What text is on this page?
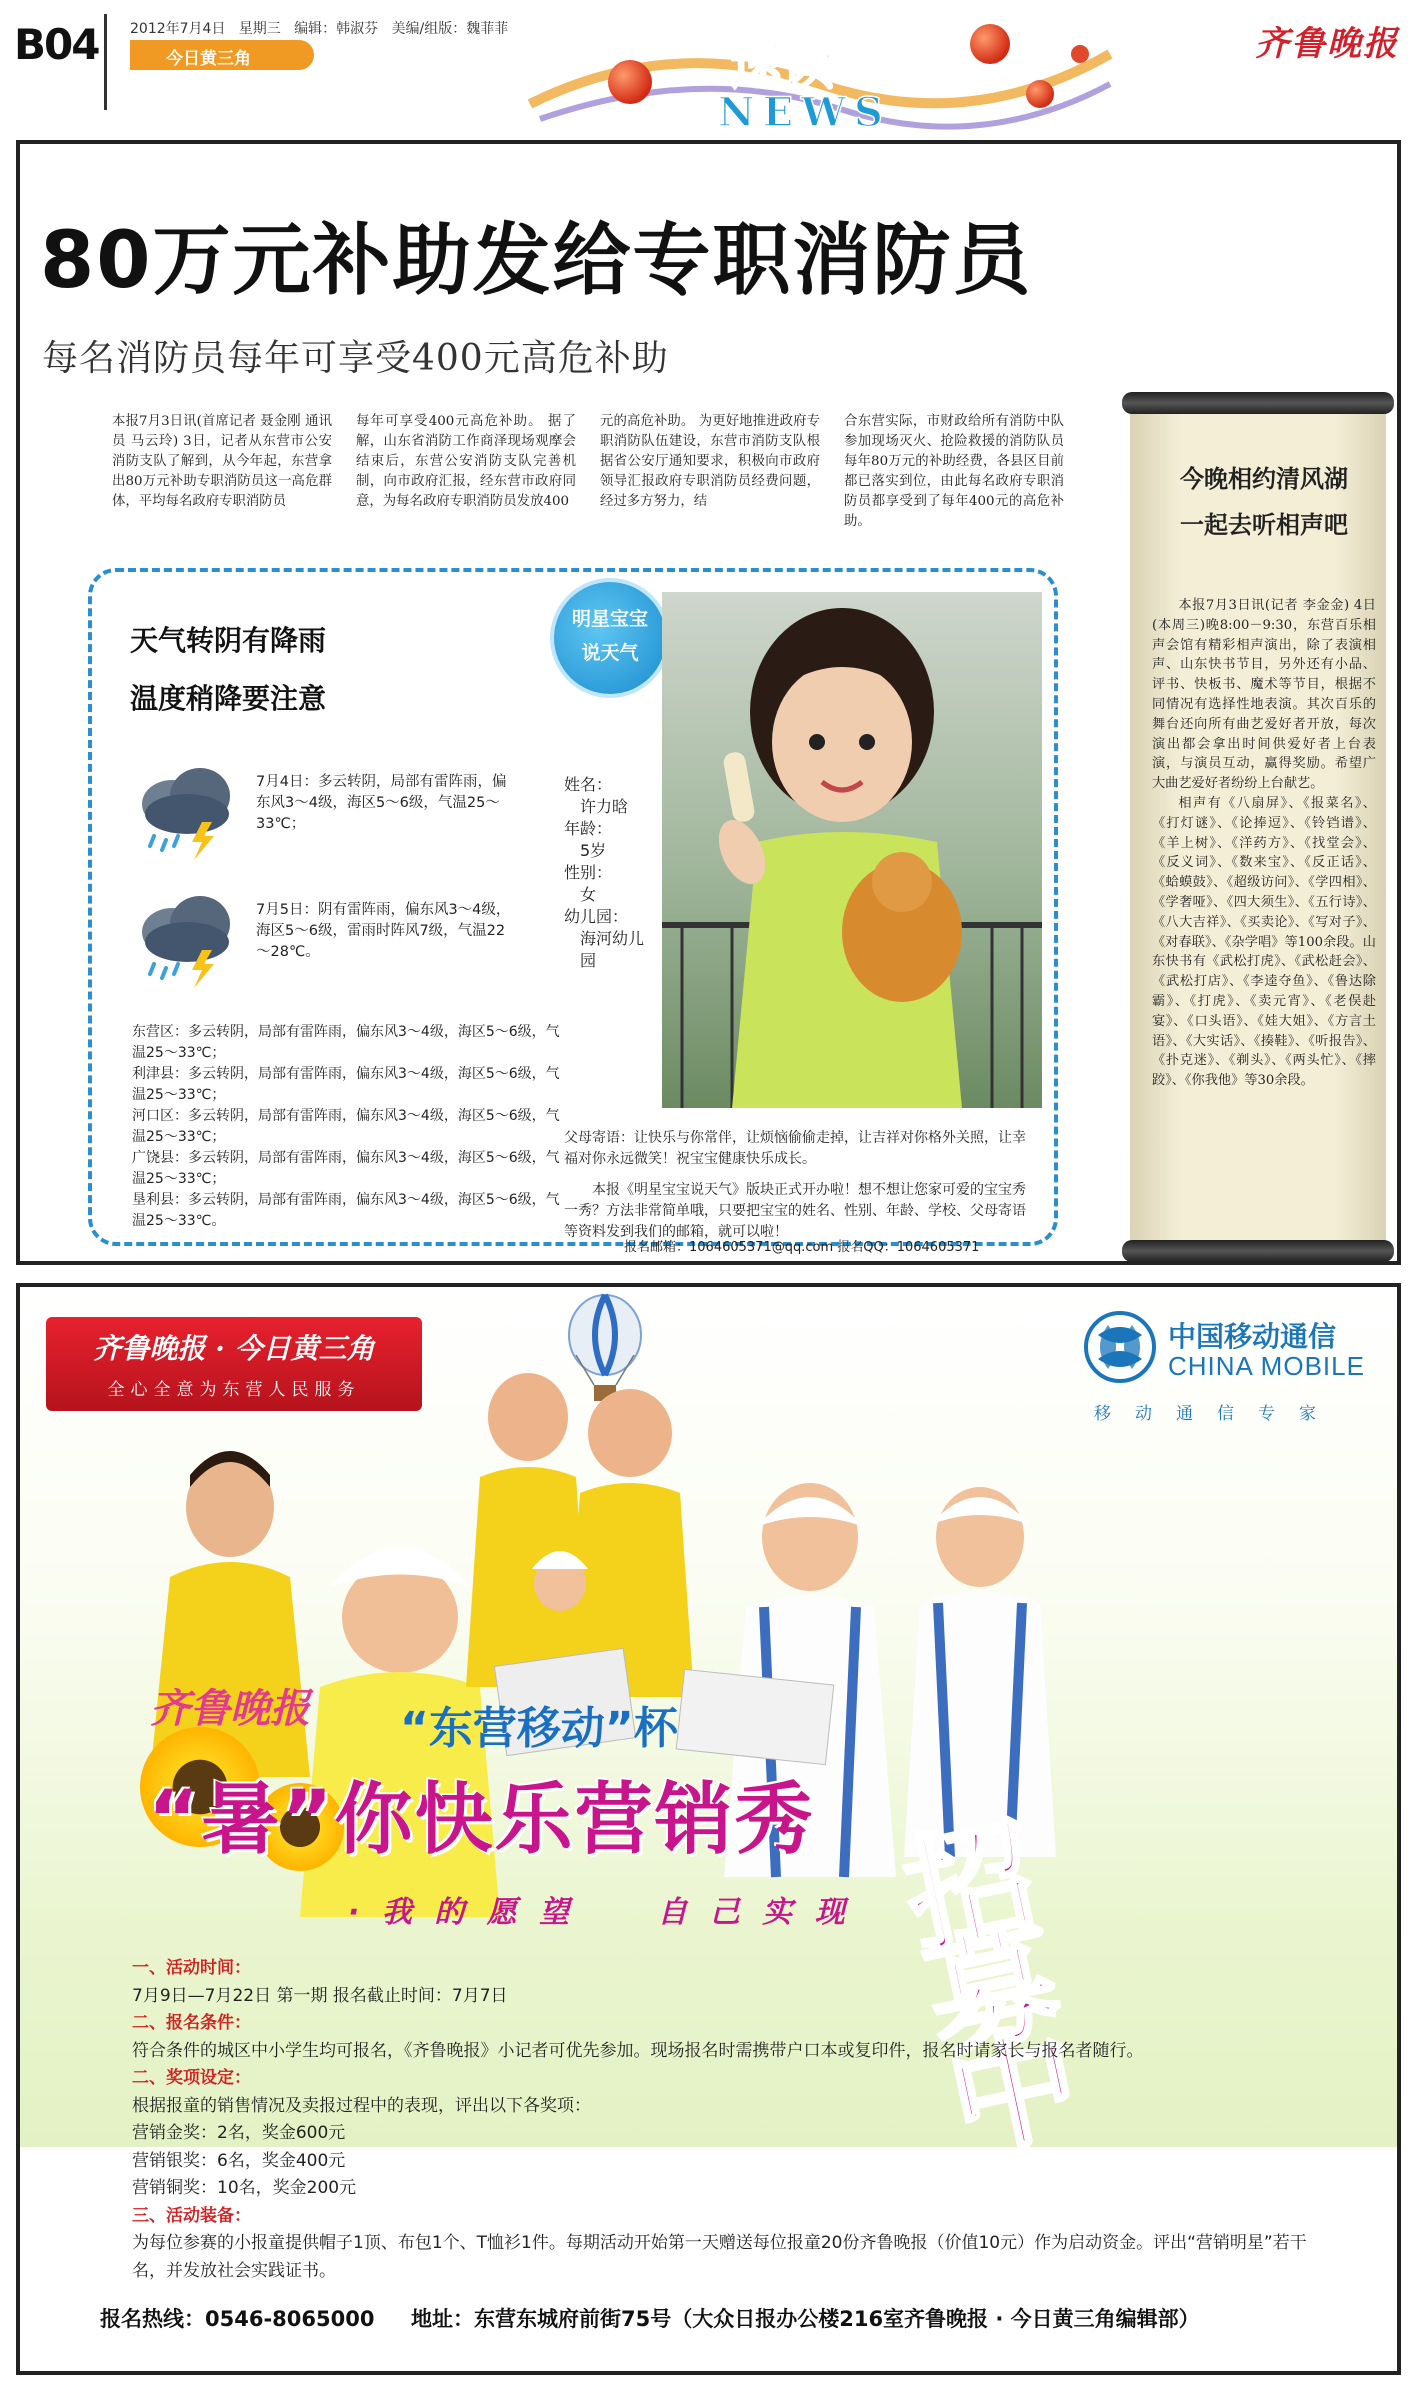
B04 2012年7月4日   星期三   编辑：韩淑芬   美编/组版：魏菲菲
今日黄三角	速读
NEWS
齐鲁晚报
80万元补助发给专职消防员
每名消防员每年可享受400元高危补助
本报7月3日讯(首席记者 聂金刚 通讯员 马云玲) 3日，记者从东营市公安消防支队了解到，从今年起，东营拿出80万元补助专职消防员这一高危群体，平均每名政府专职消防员
每年可享受400元高危补助。 据了解，山东省消防工作商泽现场观摩会结束后，东营公安消防支队完善机制，向市政府汇报，经东营市政府同意，为每名政府专职消防员发放400
元的高危补助。 为更好地推进政府专职消防队伍建设，东营市消防支队根据省公安厅通知要求，积极向市政府领导汇报政府专职消防员经费问题，经过多方努力，结
合东营实际，市财政给所有消防中队参加现场灭火、抢险救援的消防队员每年80万元的补助经费，各县区目前都已落实到位，由此每名政府专职消防员都享受到了每年400元的高危补助。
天气转阴有降雨
温度稍降要注意
7月4日：多云转阴，局部有雷阵雨，偏东风3～4级，海区5～6级，气温25～33℃；
7月5日：阴有雷阵雨，偏东风3～4级，海区5～6级，雷雨时阵风7级，气温22～28℃。
东营区：多云转阴，局部有雷阵雨，偏东风3～4级，海区5～6级，气温25～33℃；
利津县：多云转阴，局部有雷阵雨，偏东风3～4级，海区5～6级，气温25～33℃；
河口区：多云转阴，局部有雷阵雨，偏东风3～4级，海区5～6级，气温25～33℃；
广饶县：多云转阴，局部有雷阵雨，偏东风3～4级，海区5～6级，气温25～33℃；
垦利县：多云转阴，局部有雷阵雨，偏东风3～4级，海区5～6级，气温25～33℃。
明星宝宝
说天气
姓名：
许力晗
年龄：
5岁
性别：
女
幼儿园：
海河幼儿园
父母寄语：让快乐与你常伴，让烦恼偷偷走掉，让吉祥对你格外关照，让幸福对你永远微笑！祝宝宝健康快乐成长。
本报《明星宝宝说天气》版块正式开办啦！想不想让您家可爱的宝宝秀一秀？方法非常简单哦，只要把宝宝的姓名、性别、年龄、学校、父母寄语等资料发到我们的邮箱，就可以啦！
报名邮箱：1064605371@qq.com 报名QQ：1064605371
今晚相约清风湖
一起去听相声吧

本报7月3日讯(记者 李金金) 4日(本周三)晚8:00－9:30，东营百乐相声会馆有精彩相声演出，除了表演相声、山东快书节目，另外还有小品、评书、快板书、魔术等节目，根据不同情况有选择性地表演。其次百乐的舞台还向所有曲艺爱好者开放，每次演出都会拿出时间供爱好者上台表演，与演员互动，赢得奖励。希望广大曲艺爱好者纷纷上台献艺。

相声有《八扇屏》、《报菜名》、《打灯谜》、《论捧逗》、《铃铛谱》、《羊上树》、《洋药方》、《找堂会》、《反义词》、《数来宝》、《反正话》、《蛤蟆鼓》、《超级访问》、《学四相》、《学奢哑》、《四大须生》、《五行诗》、《八大吉祥》、《买卖论》、《写对子》、《对春联》、《杂学唱》等100余段。山东快书有《武松打虎》、《武松赶会》、《武松打店》、《李逵夺鱼》、《鲁达除霸》、《打虎》、《卖元宵》、《老俣赴宴》、《口头语》、《娃大姐》、《方言土语》、《大实话》、《揍鞋》、《听报告》、《扑克迷》、《剃头》、《两头忙》、《摔跤》、《你我他》等30余段。

齐鲁晚报 · 今日黄三角
全心全意为东营人民服务
中国移动通信
CHINA MOBILE
移动通信专家
齐鲁晚报 “东营移动”杯
“暑”你快乐营销秀 招募中
· 我 的 愿 望     自 己 实 现
一、活动时间：
7月9日—7月22日 第一期 报名截止时间：7月7日
二、报名条件：
符合条件的城区中小学生均可报名，《齐鲁晚报》小记者可优先参加。现场报名时需携带户口本或复印件，报名时请家长与报名者随行。
二、奖项设定：
根据报童的销售情况及卖报过程中的表现，评出以下各奖项：
营销金奖：2名，奖金600元
营销银奖：6名，奖金400元
营销铜奖：10名，奖金200元
三、活动装备：
为每位参赛的小报童提供帽子1顶、布包1个、T恤衫1件。每期活动开始第一天赠送每位报童20份齐鲁晚报（价值10元）作为启动资金。评出“营销明星”若干名，并发放社会实践证书。
报名热线：0546-8065000     地址：东营东城府前街75号（大众日报办公楼216室齐鲁晚报 · 今日黄三角编辑部）
